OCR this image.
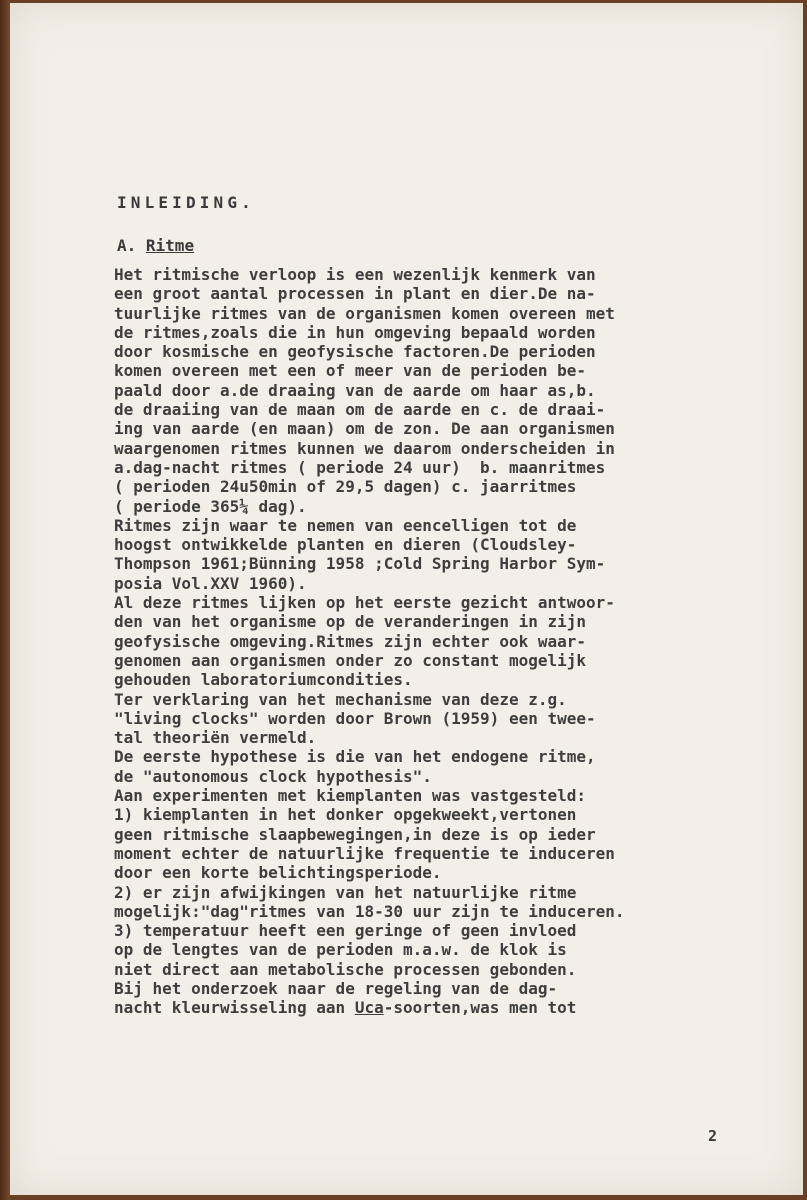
INLEIDING.
A. Ritme
Het ritmische verloop is een wezenlijk kenmerk van
een groot aantal processen in plant en dier.De na-
tuurlijke ritmes van de organismen komen overeen met
de ritmes,zoals die in hun omgeving bepaald worden
door kosmische en geofysische factoren.De perioden
komen overeen met een of meer van de perioden be-
paald door a.de draaing van de aarde om haar as,b.
de draaiing van de maan om de aarde en c. de draai-
ing van aarde (en maan) om de zon. De aan organismen
waargenomen ritmes kunnen we daarom onderscheiden in
a.dag-nacht ritmes ( periode 24 uur)  b. maanritmes
( perioden 24u50min of 29,5 dagen) c. jaarritmes
( periode 365¼ dag).
Ritmes zijn waar te nemen van eencelligen tot de
hoogst ontwikkelde planten en dieren (Cloudsley-
Thompson 1961;Bünning 1958 ;Cold Spring Harbor Sym-
posia Vol.XXV 1960).
Al deze ritmes lijken op het eerste gezicht antwoor-
den van het organisme op de veranderingen in zijn
geofysische omgeving.Ritmes zijn echter ook waar-
genomen aan organismen onder zo constant mogelijk
gehouden laboratoriumcondities.
Ter verklaring van het mechanisme van deze z.g.
"living clocks" worden door Brown (1959) een twee-
tal theoriën vermeld.
De eerste hypothese is die van het endogene ritme,
de "autonomous clock hypothesis".
Aan experimenten met kiemplanten was vastgesteld:
1) kiemplanten in het donker opgekweekt,vertonen
geen ritmische slaapbewegingen,in deze is op ieder
moment echter de natuurlijke frequentie te induceren
door een korte belichtingsperiode.
2) er zijn afwijkingen van het natuurlijke ritme
mogelijk:"dag"ritmes van 18-30 uur zijn te induceren.
3) temperatuur heeft een geringe of geen invloed
op de lengtes van de perioden m.a.w. de klok is
niet direct aan metabolische processen gebonden.
Bij het onderzoek naar de regeling van de dag-
nacht kleurwisseling aan Uca-soorten,was men tot
2
